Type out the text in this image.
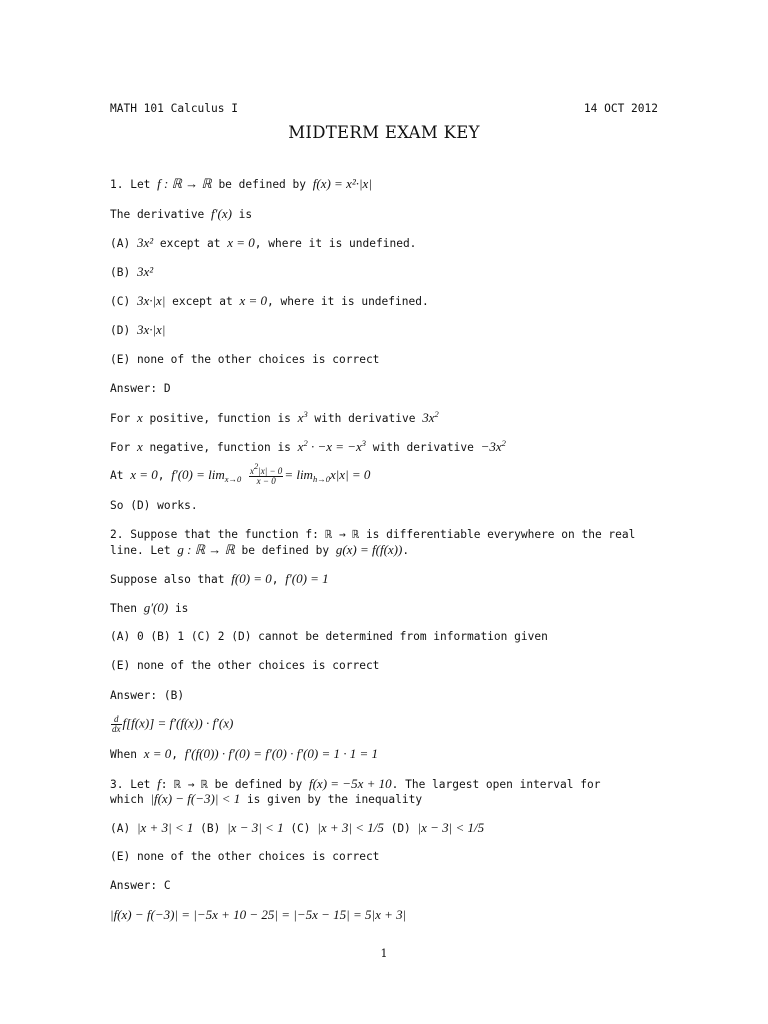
MATH 101 Calculus I	14 OCT 2012
MIDTERM EXAM KEY
1. Let f : ℝ → ℝ be defined by f(x) = x²·|x|
The derivative f′(x) is
(A) 3x² except at x = 0, where it is undefined.
(B) 3x²
(C) 3x·|x| except at x = 0, where it is undefined.
(D) 3x·|x|
(E) none of the other choices is correct
Answer: D
For x positive, function is $x^3$ with derivative $3x^2$
For x negative, function is $x^2 \cdot -x = -x^3$ with derivative $-3x^2$
At x = 0, $f'(0) = \lim_{x\to 0} \frac{x^2|x| - 0}{x - 0} = \lim_{h\to 0}x|x| = 0$
So (D) works.
2. Suppose that the function f: ℝ → ℝ is differentiable everywhere on the real
line. Let g : ℝ → ℝ be defined by g(x) = f(f(x)).
Suppose also that f(0) = 0, f′(0) = 1
Then g′(0) is
(A) 0 (B) 1 (C) 2 (D) cannot be determined from information given
(E) none of the other choices is correct
Answer: (B)
$\frac{d}{dx} f[f(x)] = f'(f(x)) \cdot f'(x)$
When x = 0, f′(f(0)) · f′(0) = f′(0) · f′(0) = 1 · 1 = 1
3. Let f: ℝ → ℝ be defined by f(x) = −5x + 10. The largest open interval for
which |f(x) − f(−3)| < 1 is given by the inequality
(A) |x + 3| < 1 (B) |x − 3| < 1 (C) |x + 3| < 1/5 (D) |x − 3| < 1/5
(E) none of the other choices is correct
Answer: C
|f(x) − f(−3)| = |−5x + 10 − 25| = |−5x − 15| = 5|x + 3|
1
